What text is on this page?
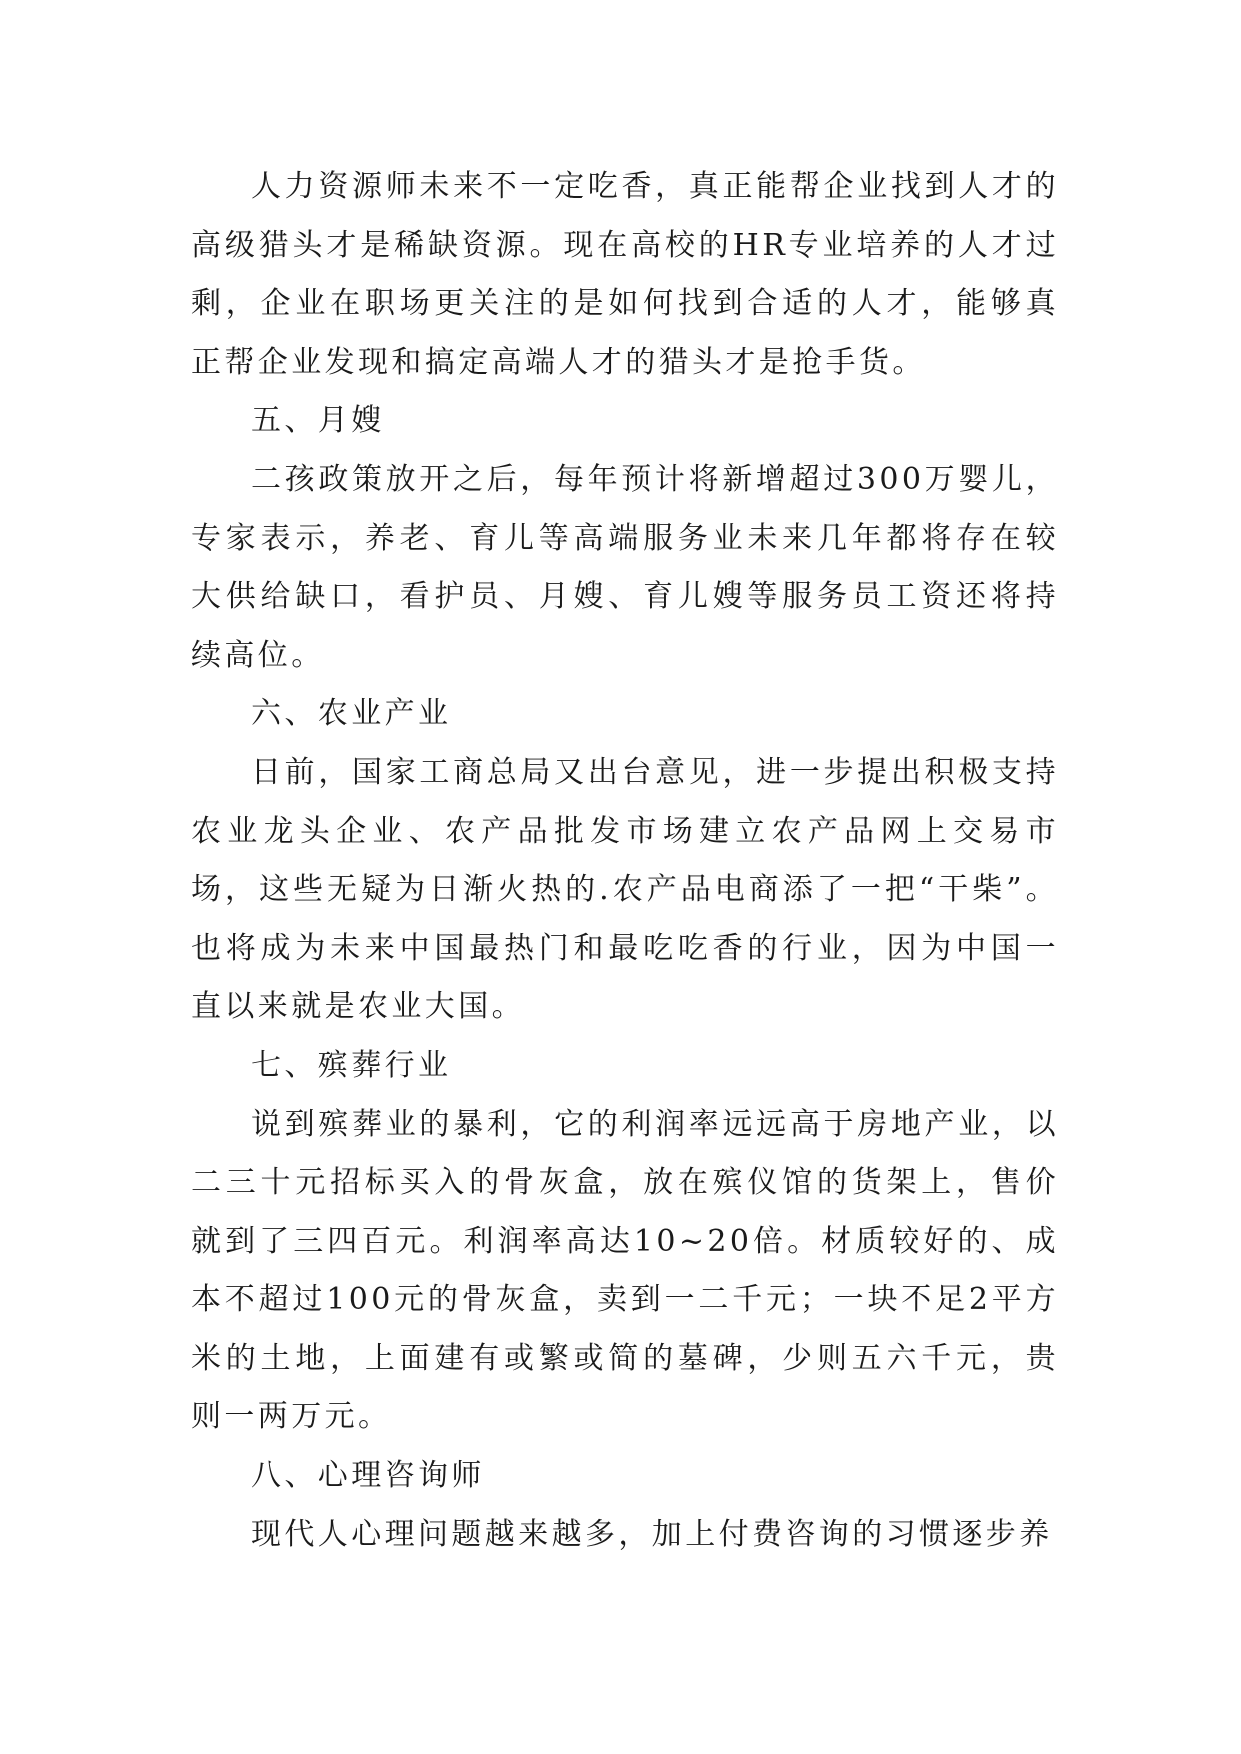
人力资源师未来不一定吃香，真正能帮企业找到人才的高级猎头才是稀缺资源。现在高校的HR专业培养的人才过剩，企业在职场更关注的是如何找到合适的人才，能够真正帮企业发现和搞定高端人才的猎头才是抢手货。

五、月嫂

二孩政策放开之后，每年预计将新增超过300万婴儿，专家表示，养老、育儿等高端服务业未来几年都将存在较大供给缺口，看护员、月嫂、育儿嫂等服务员工资还将持续高位。

六、农业产业

日前，国家工商总局又出台意见，进一步提出积极支持农业龙头企业、农产品批发市场建立农产品网上交易市场，这些无疑为日渐火热的.农产品电商添了一把“干柴”。也将成为未来中国最热门和最吃吃香的行业，因为中国一直以来就是农业大国。

七、殡葬行业

说到殡葬业的暴利，它的利润率远远高于房地产业，以二三十元招标买入的骨灰盒，放在殡仪馆的货架上，售价就到了三四百元。利润率高达10~20倍。材质较好的、成本不超过100元的骨灰盒，卖到一二千元；一块不足2平方米的土地，上面建有或繁或简的墓碑，少则五六千元，贵则一两万元。

八、心理咨询师

现代人心理问题越来越多，加上付费咨询的习惯逐步养
